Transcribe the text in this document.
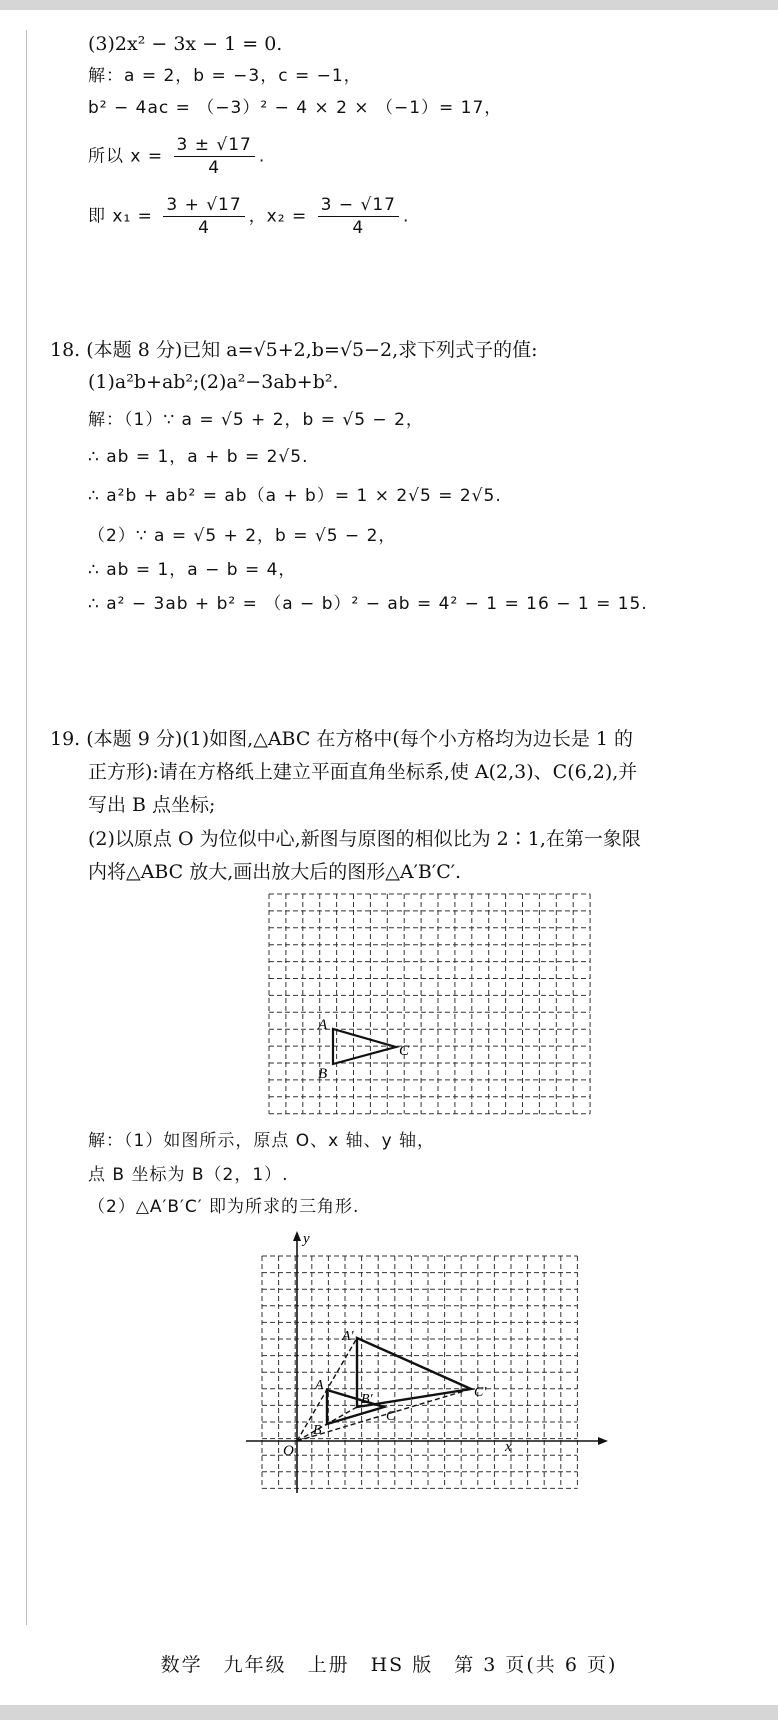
(3)2x² − 3x − 1 = 0.
解：a = 2，b = −3，c = −1，
b² − 4ac = （−3）² − 4 × 2 × （−1）= 17，
所以 $x = \frac{3 \pm √17}{4}$ .
即 $x_1 = \frac{3 + √17}{4}$ ，$x_2 = \frac{3 - √17}{4}$ .
18. (本题 8 分)已知 a=√5+2,b=√5−2,求下列式子的值:
(1)a²b+ab²;(2)a²−3ab+b².
解：（1）∵ a = √5 + 2，b = √5 − 2，
∴ ab = 1，a + b = 2√5.
∴ a²b + ab² = ab（a + b）= 1 × 2√5 = 2√5.
（2）∵ a = √5 + 2，b = √5 − 2，
∴ ab = 1，a − b = 4，
∴ a² − 3ab + b² = （a − b）² − ab = 4² − 1 = 16 − 1 = 15.
19. (本题 9 分)(1)如图,△ABC 在方格中(每个小方格均为边长是 1 的
正方形):请在方格纸上建立平面直角坐标系,使 A(2,3)、C(6,2),并
写出 B 点坐标;
(2)以原点 O 为位似中心,新图与原图的相似比为 2∶1,在第一象限
内将△ABC 放大,画出放大后的图形△A′B′C′.
A
B
C
解：（1）如图所示，原点 O、x 轴、y 轴，
点 B 坐标为 B（2，1）.
（2）△A′B′C′ 即为所求的三角形.
x
y
O
A
B
C
A′
B′	C′
数学　九年级　上册　HS 版　第 3 页(共 6 页)
